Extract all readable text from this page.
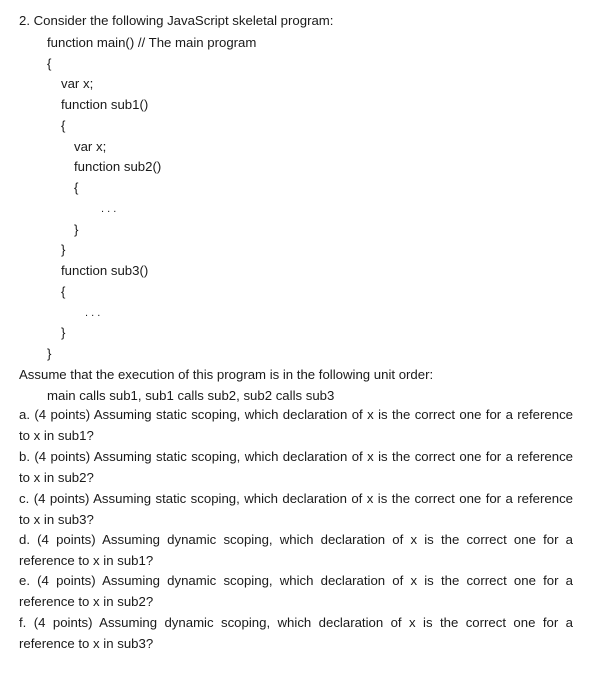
2. Consider the following JavaScript skeletal program:

function main() // The main program

{

var x;

function sub1()

{

var x;

function sub2()

{

. . .

}

}

function sub3()

{

. . .

}

}

Assume that the execution of this program is in the following unit order:

main calls sub1, sub1 calls sub2, sub2 calls sub3

a. (4 points) Assuming static scoping, which declaration of x is the correct one for a reference to x in sub1?

b. (4 points) Assuming static scoping, which declaration of x is the correct one for a reference to x in sub2?

c. (4 points) Assuming static scoping, which declaration of x is the correct one for a reference to x in sub3?

d. (4 points) Assuming dynamic scoping, which declaration of x is the correct one for a reference to x in sub1?

e. (4 points) Assuming dynamic scoping, which declaration of x is the correct one for a reference to x in sub2?

f. (4 points) Assuming dynamic scoping, which declaration of x is the correct one for a reference to x in sub3?
